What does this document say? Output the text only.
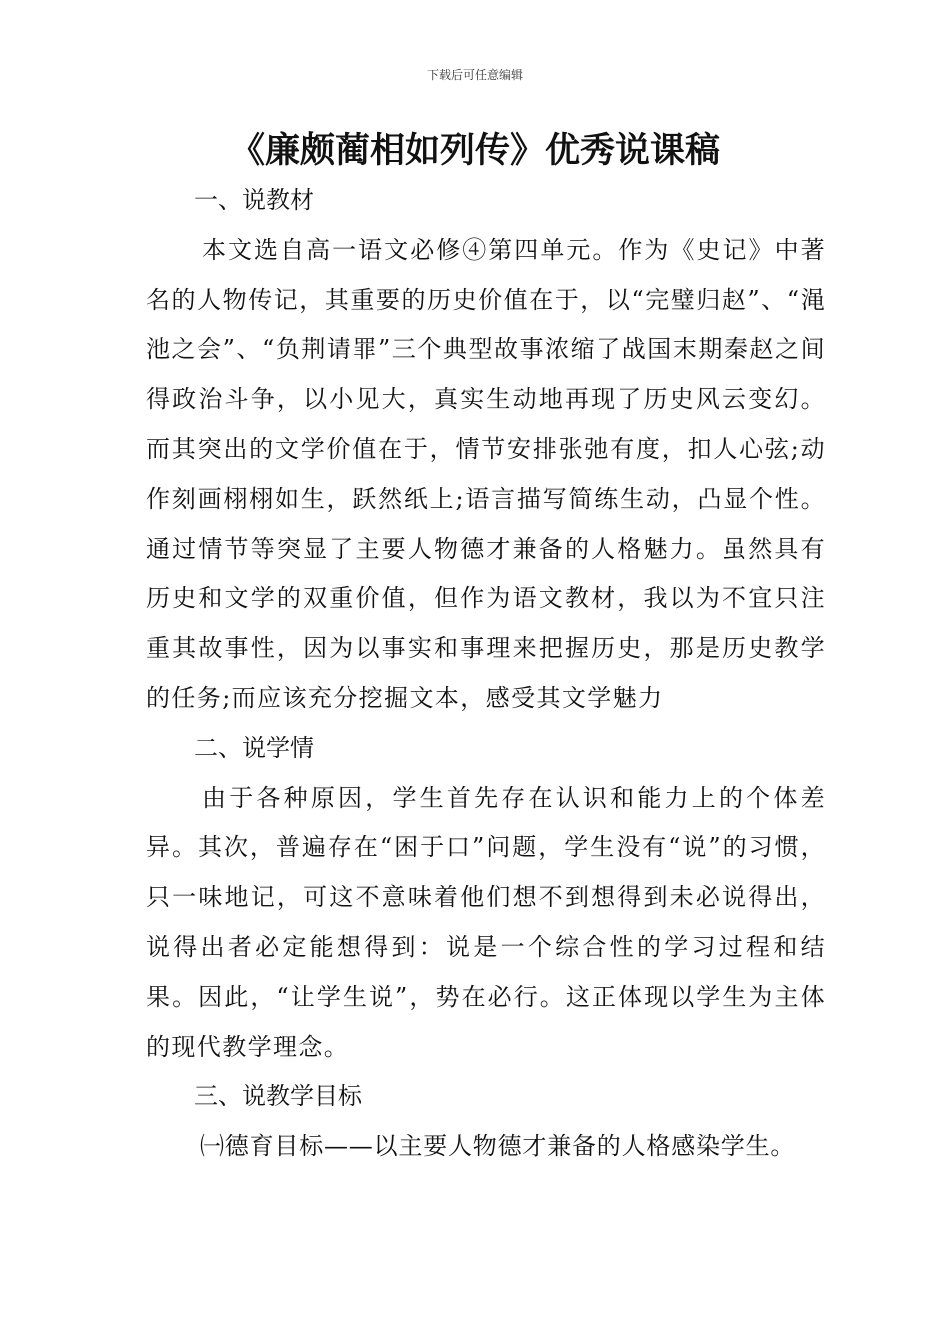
下载后可任意编辑
《廉颇蔺相如列传》优秀说课稿
一、说教材

本文选自高一语文必修④第四单元。作为《史记》中著名的人物传记，其重要的历史价值在于，以“完璧归赵”、“渑池之会”、“负荆请罪”三个典型故事浓缩了战国末期秦赵之间得政治斗争，以小见大，真实生动地再现了历史风云变幻。而其突出的文学价值在于，情节安排张弛有度，扣人心弦;动作刻画栩栩如生，跃然纸上;语言描写简练生动，凸显个性。通过情节等突显了主要人物德才兼备的人格魅力。虽然具有历史和文学的双重价值，但作为语文教材，我以为不宜只注重其故事性，因为以事实和事理来把握历史，那是历史教学的任务;而应该充分挖掘文本，感受其文学魅力

二、说学情

由于各种原因，学生首先存在认识和能力上的个体差异。其次，普遍存在“困于口”问题，学生没有“说”的习惯，只一味地记，可这不意味着他们想不到想得到未必说得出，说得出者必定能想得到：说是一个综合性的学习过程和结果。因此，“让学生说”，势在必行。这正体现以学生为主体的现代教学理念。

三、说教学目标

㈠德育目标——以主要人物德才兼备的人格感染学生。
